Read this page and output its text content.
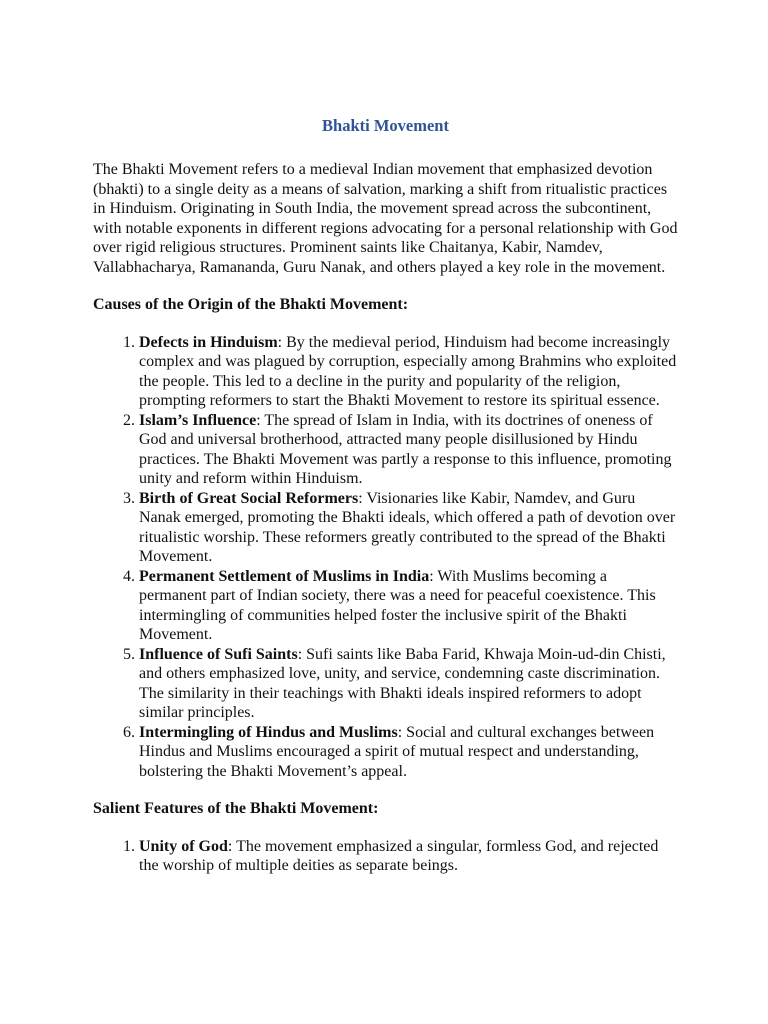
Bhakti Movement

The Bhakti Movement refers to a medieval Indian movement that emphasized devotion (bhakti) to a single deity as a means of salvation, marking a shift from ritualistic practices in Hinduism. Originating in South India, the movement spread across the subcontinent, with notable exponents in different regions advocating for a personal relationship with God over rigid religious structures. Prominent saints like Chaitanya, Kabir, Namdev, Vallabhacharya, Ramananda, Guru Nanak, and others played a key role in the movement.

Causes of the Origin of the Bhakti Movement:
1. Defects in Hinduism: By the medieval period, Hinduism had become increasingly complex and was plagued by corruption, especially among Brahmins who exploited the people. This led to a decline in the purity and popularity of the religion, prompting reformers to start the Bhakti Movement to restore its spiritual essence.
2. Islam’s Influence: The spread of Islam in India, with its doctrines of oneness of God and universal brotherhood, attracted many people disillusioned by Hindu practices. The Bhakti Movement was partly a response to this influence, promoting unity and reform within Hinduism.
3. Birth of Great Social Reformers: Visionaries like Kabir, Namdev, and Guru Nanak emerged, promoting the Bhakti ideals, which offered a path of devotion over ritualistic worship. These reformers greatly contributed to the spread of the Bhakti Movement.
4. Permanent Settlement of Muslims in India: With Muslims becoming a permanent part of Indian society, there was a need for peaceful coexistence. This intermingling of communities helped foster the inclusive spirit of the Bhakti Movement.
5. Influence of Sufi Saints: Sufi saints like Baba Farid, Khwaja Moin-ud-din Chisti, and others emphasized love, unity, and service, condemning caste discrimination. The similarity in their teachings with Bhakti ideals inspired reformers to adopt similar principles.
6. Intermingling of Hindus and Muslims: Social and cultural exchanges between Hindus and Muslims encouraged a spirit of mutual respect and understanding, bolstering the Bhakti Movement’s appeal.
Salient Features of the Bhakti Movement:
1. Unity of God: The movement emphasized a singular, formless God, and rejected the worship of multiple deities as separate beings.
